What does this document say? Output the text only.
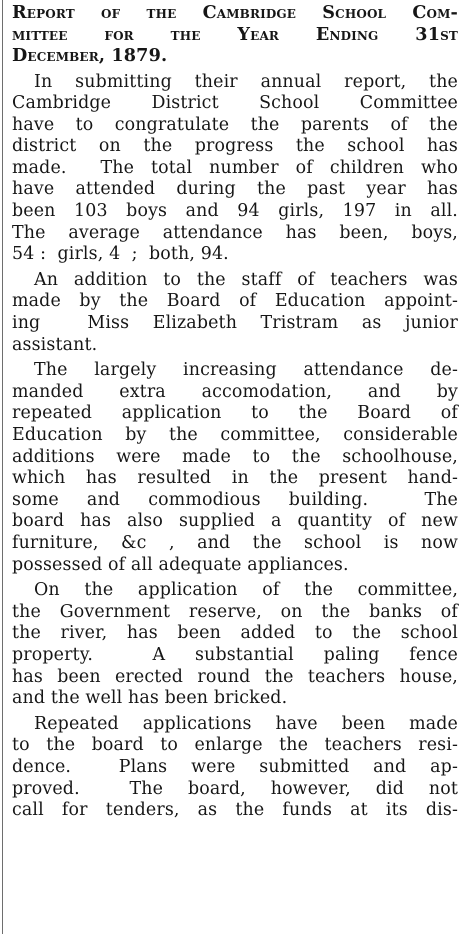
Report of the Cambridge School Com-
mittee for the Year Ending 31st
December, 1879.
In submitting their annual report, the
Cambridge District School Committee
have to congratulate the parents of the
district on the progress the school has
made.  The total number of children who
have attended during the past year has
been 103 boys and 94 girls, 197 in all.
The average attendance has been, boys,
54 :  girls, 4  ;  both, 94.
An addition to the staff of teachers was
made by the Board of Education appoint-
ing  Miss Elizabeth Tristram as junior
assistant.
The largely increasing attendance de-
manded extra accomodation, and by
repeated application to the Board of
Education by the committee, considerable
additions were made to the schoolhouse,
which has resulted in the present hand-
some and commodious building.  The
board has also supplied a quantity of new
furniture, &c , and the school is now
possessed of all adequate appliances.
On the application of the committee,
the Government reserve, on the banks of
the river, has been added to the school
property.  A substantial paling fence
has been erected round the teachers house,
and the well has been bricked.
Repeated applications have been made
to the board to enlarge the teachers resi-
dence.  Plans were submitted and ap-
proved.  The board, however, did not
call for tenders, as the funds at its dis-
